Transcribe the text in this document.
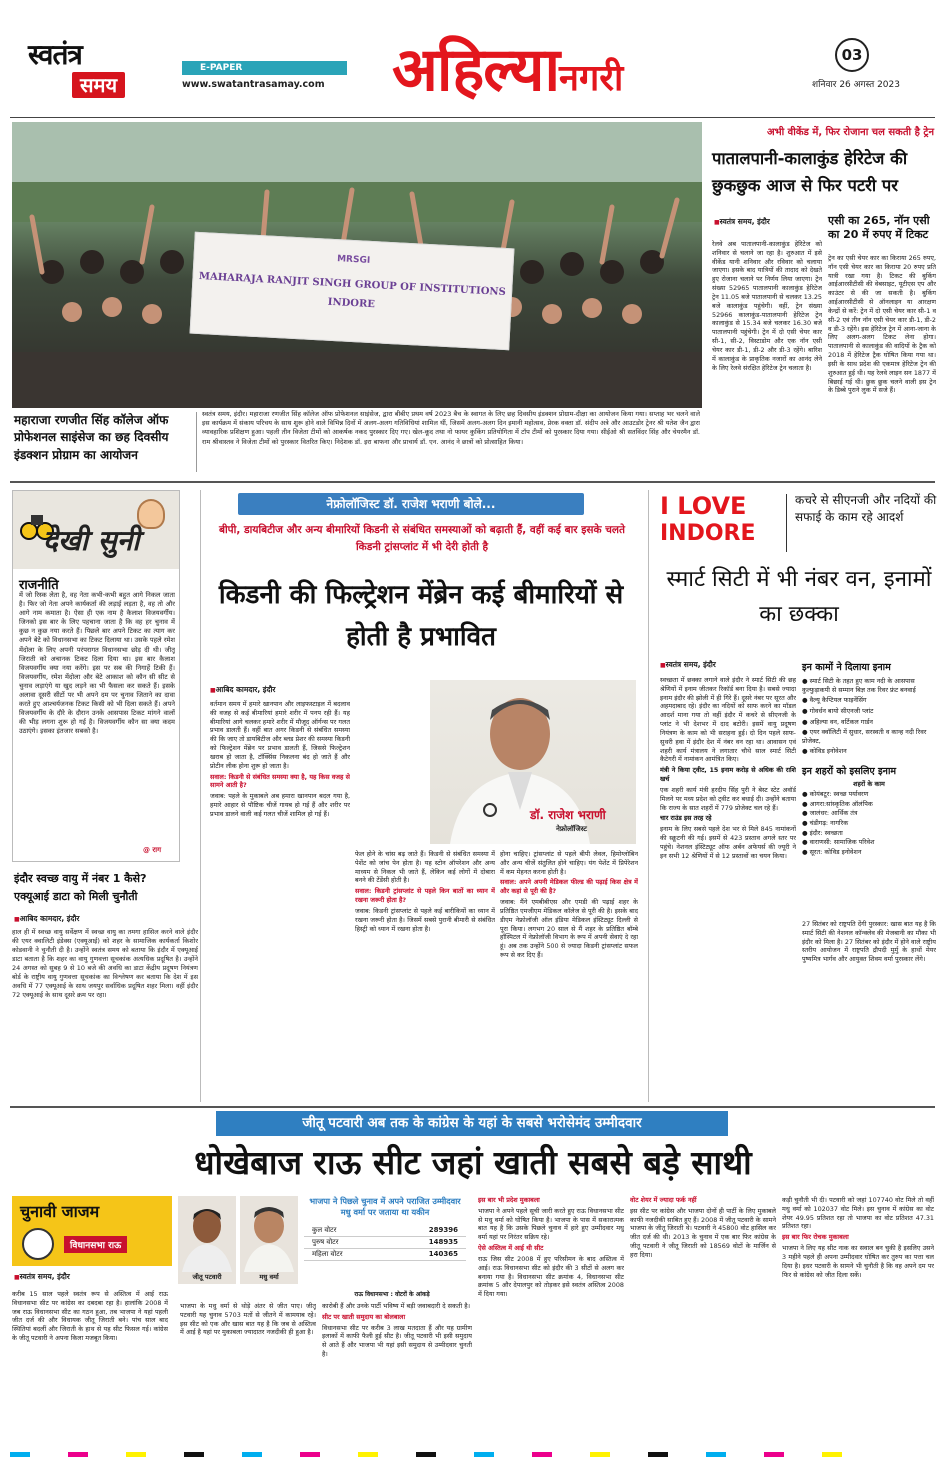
स्वतंत्र
समय
E-PAPER
www.swatantrasamay.com अहिल्यानगरी
03
शनिवार 26 अगस्त 2023
MRSGI
MAHARAJA RANJIT SINGH GROUP OF INSTITUTIONS
INDORE
महाराजा रणजीत सिंह कॉलेज ऑफ प्रोफेशनल साइंसेज का छह दिवसीय इंडक्शन प्रोग्राम का आयोजन
स्वतंत्र समय, इंदौर। महाराजा रणजीत सिंह कॉलेज ऑफ प्रोफेशनल साइंसेज, द्वारा बीबीए प्रथम वर्ष 2023 बैच के स्वागत के लिए छह दिवसीय इंडक्शन प्रोग्राम-दीक्षा का आयोजन किया गया। सप्ताह भर चलने वाले इस कार्यक्रम में संकाय परिचय के साथ शुरू होने वाले विभिन्न दिनों में अलग-अलग गतिविधियां शामिल थीं, जिसमें अलग-अलग दिन इमानी महोत्सव, प्रेरक वक्ता डॉ. संदीप अत्रे और आउटडोर ट्रेनर श्री यतेश जैन द्वारा व्यावहारिक प्रशिक्षण हुआ। पहली तीन विजेता टीमों को आकर्षक नकद पुरस्कार दिए गए। खेल-कूद तथा नो फायर कुकिंग प्रतियोगिता में टॉप टीमों को पुरस्कार दिया गया। सीईओ श्री सतविंदर सिंह और चेयरमैन डॉ. राम श्रीवास्तव ने विजेता टीमों को पुरस्कार वितरित किए। निदेशक डॉ. इरा बाफना और प्राचार्य डॉ. एन. आनंद ने छात्रों को प्रोत्साहित किया।
अभी वीकेंड में, फिर रोजाना चल सकती है ट्रेन
पातालपानी-कालाकुंड हेरिटेज की छुकछुक आज से फिर पटरी पर
■ स्वतंत्र समय, इंदौर	एसी का 265, नॉन एसी का 20 में रुपए में टिकट
रेलवे अब पातालपानी-कालाकुंड हेरिटेज को शनिवार से चलाने जा रहा है। शुरुआत में इसे वीकेंड यानी शनिवार और रविवार को चलाया जाएगा। इसके बाद यात्रियों की तादाद को देखते हुए रोजाना चलाने पर निर्णय लिया जाएगा। ट्रेन संख्या 52965 पातालपानी कालाकुंड हेरिटेज ट्रेन 11.05 बजे पातालपानी से चलकर 13.25 बजे कालाकुंड पहुंचेगी। वहीं, ट्रेन संख्या 52966 कालाकुंड-पातालपानी हेरिटेज ट्रेन कालाकुंड से 15.34 बजे चलकर 16.30 बजे पातालपानी पहुंचेगी। ट्रेन में दो एसी चेयर कार सी-1, सी-2, विस्टाडोम और एक नॉन एसी चेयर कार डी-1, डी-2 और डी-3 रहेंगे। बारिश में कालाकुंड के प्राकृतिक नजारों का आनंद लेने के लिए रेलवे संरक्षित हेरिटेज ट्रेन चलाता है।
ट्रेन का एसी चेयर कार का किराया 265 रुपए, नॉन एसी चेयर कार का किराया 20 रुपए प्रति यात्री रखा गया है। टिकट की बुकिंग आईआरसीटीसी की वेबसाइट, यूटीएस एप और काउंटर से की जा सकती है। बुकिंग आईआरसीटीसी से ऑनलाइन या आरक्षण केन्द्रों से करें: ट्रेन में दो एसी चेयर कार सी-1 व सी-2 एवं तीन नॉन एसी चेयर कार डी-1, डी-2 व डी-3 रहेंगे। इस हेरिटेज ट्रेन में आना-जाना के लिए अलग-अलग टिकट लेना होगा। पातालपानी से कालाकुंड की वादियों के ट्रैक को 2018 में हेरिटेज ट्रैक घोषित किया गया था। इसी के साथ प्रदेश की एकमात्र हेरिटेज ट्रेन की शुरुआत हुई थी। यह रेलवे लाइन सन 1877 में बिछाई गई थी। छुक छुक चलने वाली इस ट्रेन के डिब्बे पुराने लुक में सजे हैं।
देखी सुनी
राजनीति
में जो रिस्क लेता है, वह नेता कभी-कभी बहुत आगे निकल जाता है। फिर जो नेता अपने कार्यकर्ता की लड़ाई लड़ता है, वह तो और आगे नाम कमाता है। ऐसा ही एक नाम है कैलाश विजयवर्गीय। जिनको इस बार के लिए पहचाना जाता है कि वह हर चुनाव में कुछ न कुछ नया करते हैं। पिछले बार अपने टिकट का त्याग कर अपने बेटे को विधानसभा का टिकट दिलाया था। उसके पहले रमेश मेंदोला के लिए अपनी परंपरागत विधानसभा छोड़ दी थी। जीतू जिराती को अचानक टिकट दिला दिया था। इस बार कैलाश विजयवर्गीय क्या नया करेंगे। इस पर सब की निगाहें टिकी हैं। विजयवर्गीय, रमेश मेंदोला और बेटे आकाश को कौन सी सीट से चुनाव लड़ाएंगे या खुद लड़ने का भी फैसला कर सकते हैं। इसके अलावा दूसरी सीटों पर भी अपने दम पर चुनाव जिताने का दावा करते हुए आश्चर्यजनक टिकट किसी को भी दिला सकते हैं। अपने विजयवर्गीय के दौरे के दौरान उनके आसपास टिकट मांगने वालों की भीड़ लगना शुरू हो गई है। विजयवर्गीय कौन सा क्या कदम उठाएंगे। इसका इंतजार सबको है।
@ राग
इंदौर स्वच्छ वायु में नंबर 1 कैसे? एक्यूआई डाटा को मिली चुनौती
■ आबिद कामदार, इंदौर
हाल ही में स्वच्छ वायु सर्वेक्षण में स्वच्छ वायु का तमगा हासिल करने वाले इंदौर की एयर क्वालिटी इंडेक्स (एक्यूआई) को शहर के सामाजिक कार्यकर्ता किशोर कोडवानी ने चुनौती दी है। उन्होंने स्वतंत्र समय को बताया कि इंदौर में एक्यूआई डाटा बताता है कि शहर का वायु गुणवत्ता सूचकांक अत्यधिक प्रदूषित है। उन्होंने 24 अगस्त को सुबह 9 से 10 बजे की अवधि का डाटा केंद्रीय प्रदूषण नियंत्रण बोर्ड के राष्ट्रीय वायु गुणवत्ता सूचकांक का विश्लेषण कर बताया कि देश में इस अवधि में 77 एक्यूआई के साथ जयपुर सर्वाधिक प्रदूषित शहर मिला। वहीं इंदौर 72 एक्यूआई के साथ दूसरे क्रम पर रहा।
नेफ्रोलॉजिस्ट डॉ. राजेश भराणी बोले...
बीपी, डायबिटीज और अन्य बीमारियों किडनी से संबंधित समस्याओं को बढ़ाती हैं, वहीं कई बार इसके चलते किडनी ट्रांसप्लांट में भी देरी होती है
किडनी की फिल्ट्रेशन मेंब्रेन कई बीमारियों से होती है प्रभावित
■ आबिद कामदार, इंदौर
डॉ. राजेश भराणी
नेफ्रोलॉजिस्ट
वर्तमान समय में हमारे खानपान और लाइफस्टाइल में बदलाव की वजह से कई बीमारियां हमारे शरीर में पनप रही हैं। यह बीमारियां आगे चलकर हमारे शरीर में मौजूद ऑर्गन्स पर गलत प्रभाव डालती हैं। वहीं बात अगर किडनी से संबंधित समस्या की कि जाए तो डायबिटीज और ब्लड प्रेशर की समस्या किडनी को फिल्ट्रेशन मेंब्रेन पर प्रभाव डालती हैं, जिससे फिल्ट्रेशन खराब हो जाता है, टॉक्सिंस निकलना बंद हो जाते हैं और प्रोटीन लीक होना शुरू हो जाता है।
सवाल: किडनी से संबंधित समस्या क्या है, यह किस वजह से सामने आती है?
जवाब: पहले के मुकाबले अब हमारा खानपान बदल गया है, हमारे आहार से पौष्टिक चीजें गायब हो गई हैं और शरीर पर प्रभाव डालने वाली कई गलत चीजें शामिल हो गई हैं।
फेल होने के चांस बढ़ जाते हैं। किडनी से संबंधित समस्या में पेशेंट को जांच पेन होता है। यह स्टोन ऑपरेशन और अन्य माध्यम से निकल भी जाते हैं, लेकिन कई लोगों में दोबारा बनने की टेंडेंसी होती है।
सवाल: किडनी ट्रांसप्लांट से पहले किन बातों का ध्यान में रखना जरूरी होता है?
जवाब: किडनी ट्रांसप्लांट से पहले कई बारीकियों का ध्यान में रखना जरूरी होता है। जिसमें सबसे पुरानी बीमारी से संबंधित हिस्ट्री को ध्यान में रखना होता है।
होना चाहिए। ट्रांसप्लांट से पहले बीपी लेवल, हिमोग्लोबिन और अन्य चीजें संतुलित होने चाहिए। यंग पेशेंट में प्रिपेरेशन में कम मेहनत करना होती है।
सवाल: अपने अपनी मेडिकल फील्ड की पढ़ाई किस क्षेत्र में और कहां से पूरी की है?
जवाब: मैंने एमबीबीएस और एमडी की पढ़ाई शहर के प्रतिष्ठित एमजीएम मेडिकल कॉलेज से पूरी की है। इसके बाद डीएम नेफ्रोलॉजी ऑल इंडिया मेडिकल इंस्टिट्यूट दिल्ली से पूरा किया। लगभग 20 साल से मैं शहर के प्रतिष्ठित बॉम्बे हॉस्पिटल में नेफ्रोलॉजी विभाग के रूप में अपनी सेवाएं दे रहा हूं। अब तक उन्होंने 500 से ज्यादा किडनी ट्रांसप्लांट सफल रूप से कर दिए हैं।
I LOVE
INDORE
कचरे से सीएनजी और नदियों की सफाई के काम रहे आदर्श
स्मार्ट सिटी में भी नंबर वन, इनामों का छक्का
■ स्वतंत्र समय, इंदौर
स्वच्छता में छक्का लगाने वाले इंदौर ने स्मार्ट सिटी की छह श्रेणियों में इनाम जीतकर रिकॉर्ड बना दिया है। सबसे ज्यादा इनाम इंदौर की झोली में ही गिरे हैं। दूसरे नंबर पर सूरत और अहमदाबाद रहे। इंदौर का नदियों को साफ करने का मॉडल आदर्श माना गया तो वहीं इंदौर में कचरे से सीएनजी के प्लांट ने भी देशभर में दाद बटोरी। इसमें वायु प्रदूषण नियंत्रण के काम को भी सराहना हुई। दो दिन पहले साफ-सुथरी हवा में इंदौर देश में नंबर वन रहा था। आवासन एवं शहरी कार्य मंत्रालय ने लगातार चौथे साल स्मार्ट सिटी कैटेगरी में नामांकन आमंत्रित किए।
मंत्री ने किया ट्वीट, 15 इनाम करोड़ से अधिक की राशि खर्च
एक शहरी कार्य मंत्री हरदीप सिंह पुरी ने बेस्ट स्टेट अवॉर्ड मिलने पर मध्य प्रदेश को ट्वीट कर बधाई दी। उन्होंने बताया कि राज्य के सात शहरों में 779 प्रोजेक्ट चल रहे हैं।
चार राउंड इस तरह रहे
इनाम के लिए सबसे पहले देश भर से मिले 845 नामांकनों की स्क्रूटनी की गई। इसमें से 423 प्रस्ताव अगले स्तर पर पहुंचे। नेशनल इंस्टिट्यूट ऑफ अर्बन अफेयर्स की ज्यूरी ने इन सभी 12 श्रेणियों में से 12 प्रस्तावों का चयन किया।
इन कामों ने दिलाया इनाम
● स्मार्ट सिटी के तहत हुए काम नदी के आसपास कुल्फुड़ाकपी से सम्मान बिज्ञ तक रिवर फ्रंट बनवाई
● वैल्यू कैप्टियल फाइनेंसिंग
● गोवर्धन बायो सीएनजी प्लांट
● अहिल्या वन, वर्टिकल गार्डन
● एयर क्वॉलिटी में सुधार, सरस्वती व कान्ह नदी रिवर प्रोजेक्ट,
● कोविड इनोवेशन
इन शहरों को इसलिए इनाम
शहरों के काम
● कोयंबटूर: स्वच्छ पर्यावरण
● आगरा:सांस्कृतिक ऑलंपिक
● जालंधर: आर्थिक तंत्र
● चंडीगढ़: नागरिक
● इंदौर: स्वच्छता
● वाराणसी: सामाजिक परिवेश
● सूरत: कोविड इनोवेशन
27 सितंबर को राष्ट्रपति देंगी पुरस्कार: खास बात यह है कि स्मार्ट सिटी की नेशनल कॉन्क्लेव की मेजबानी का मौका भी इंदौर को मिला है। 27 सितंबर को इंदौर में होने वाले राष्ट्रीय स्तरीय आयोजन में राष्ट्रपति द्रौपदी मुर्मु के हाथों मेयर पुष्यमित्र भार्गव और आयुक्त शिवम वर्मा पुरस्कार लेंगे।
जीतू पटवारी अब तक के कांग्रेस के यहां के सबसे भरोसेमंद उम्मीदवार
धोखेबाज राऊ सीट जहां खाती सबसे बड़े साथी
चुनावी जाजम
विधानसभा राऊ
■ स्वतंत्र समय, इंदौर
करीब 15 साल पहले स्वतंत्र रूप से अस्तित्व में आई राऊ विधानसभा सीट पर कांग्रेस का दबदबा रहा है। हालांकि 2008 में जब राऊ विधानसभा सीट का गठन हुआ, तब भाजपा ने यहां पहली जीत दर्ज की और विधायक जीतू जिराती बने। पांच साल बाद स्थितियां बदलीं और जिराती के हाथ से यह सीट फिसल गई। कांग्रेस के जीतू पटवारी ने अपना किला मजबूत किया।
जीतू पटवारी	मधु वर्मा
भाजपा ने पिछले चुनाव में अपने पराजित उम्मीदवार मधु वर्मा पर जताया था यकीन
कुल वोटर	289396
पुरुष वोटर	148935
महिला वोटर	140365
राऊ विधानसभा : वोटरों के आंकड़े
भाजपा के मधु वर्मा से थोड़े अंतर से जीत पाए। जीतू पटवारी यह चुनाव 5703 मतों से जीतने में कामयाब रहे। इस सीट को एक और खास बात यह है कि जब से अस्तित्व में आई है यहां पर मुकाबला ज्यादातर नजदीकी ही हुआ है।
कारोबी हैं और उनके पार्टी भविष्य में बड़ी जवाबदारी दे सकती है।
सीट पर खाती समुदाय का बोलबाला
विधानसभा सीट पर करीब 3 लाख मतदाता हैं और यह ग्रामीण इलाकों में काफी फैली हुई सीट है। जीतू पटवारी भी इसी समुदाय से आते हैं और भाजपा भी यहां इसी समुदाय से उम्मीदवार चुनती है।
इस बार भी प्रदेश मुकाबला
भाजपा ने अपने पहले सूची जारी करते हुए राऊ विधानसभा सीट से मधु वर्मा को घोषित किया है। भाजपा के पास में सकारात्मक बात यह है कि उसके पिछले चुनाव में हारे हुए उम्मीदवार मधु वर्मा यहां पर निरंतर सक्रिय रहे।
ऐसे अस्तित्व में आई थी सीट
राऊ जिस सीट 2008 में हुए परिसीमन के बाद अस्तित्व में आई। राऊ विधानसभा सीट को इंदौर की 3 सीटों से अलग कर बनाया गया है। विधानसभा सीट क्रमांक 4, विधानसभा सीट क्रमांक 5 और देपालपुर को तोड़कर इसे स्वतंत्र अस्तित्व 2008 में दिया गया।
वोट शेयर में ज्यादा फर्क नहीं
इस सीट पर कांग्रेस और भाजपा दोनों ही पार्टी के लिए मुकाबले काफी नजदीकी साबित हुए हैं। 2008 में जीतू पटवारी के सामने भाजपा के जीतू जिराती थे। पटवारी ने 45800 वोट हासिल कर जीत दर्ज की थी। 2013 के चुनाव में एक बार फिर कांग्रेस के जीतू पटवारी ने जीतू जिराती को 18569 वोटों के मार्जिन से हरा दिया।
कड़ी चुनौती भी दी। पटवारी को जहां 107740 वोट मिले तो वहीं मधु वर्मा को 102037 वोट मिले। इस चुनाव में कांग्रेस का वोट शेयर 49.95 प्रतिशत रहा तो भाजपा का वोट प्रतिशत 47.31 प्रतिशत रहा।
इस बार फिर रोचक मुकाबला
भाजपा ने लिए यह सीट नाक का सवाल बन चुकी है इसलिए उसने 3 महीने पहले ही अपना उम्मीदवार घोषित कर तुरुप का पत्ता चल दिया है। इधर पटवारी के सामने भी चुनौती है कि वह अपने दम पर फिर से कांग्रेस को जीत दिला सकें।
